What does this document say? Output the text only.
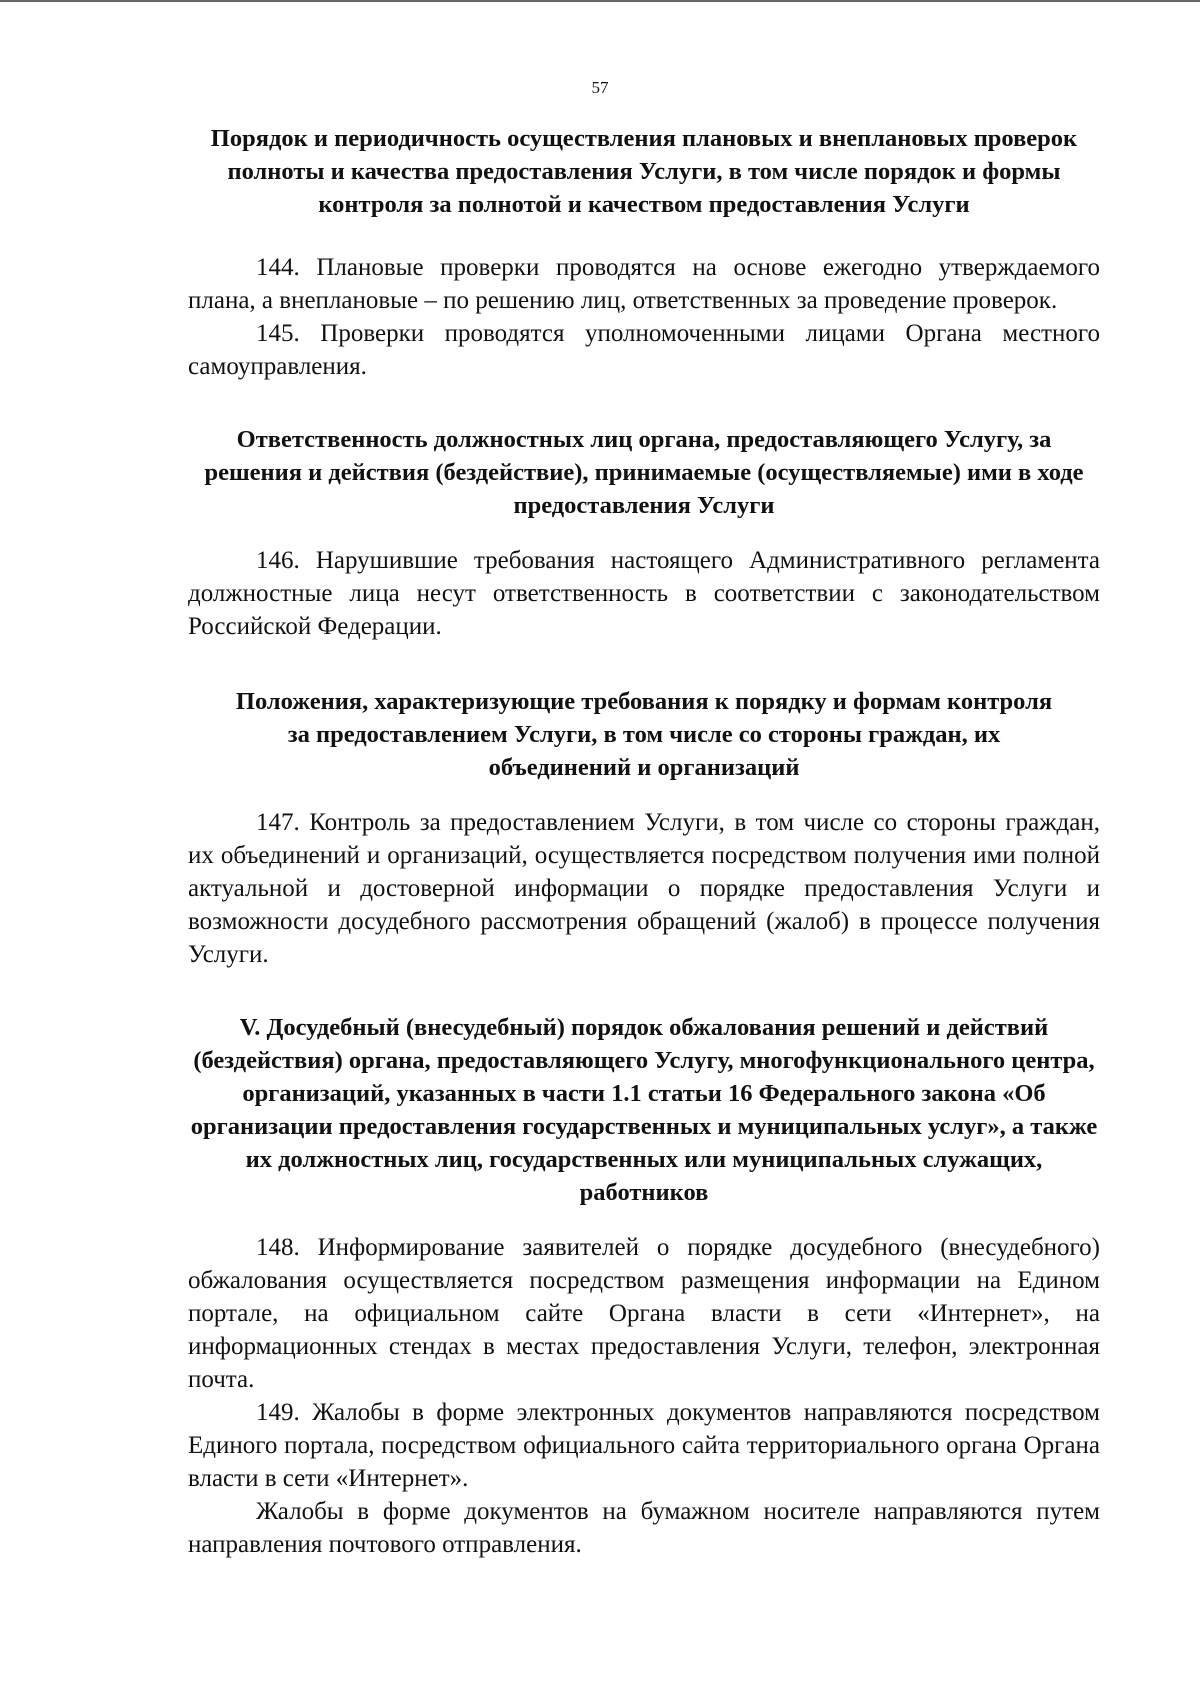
57
Порядок и периодичность осуществления плановых и внеплановых проверок полноты и качества предоставления Услуги, в том числе порядок и формы контроля за полнотой и качеством предоставления Услуги

144. Плановые проверки проводятся на основе ежегодно утверждаемого плана, а внеплановые – по решению лиц, ответственных за проведение проверок.

145. Проверки проводятся уполномоченными лицами Органа местного самоуправления.

Ответственность должностных лиц органа, предоставляющего Услугу, за решения и действия (бездействие), принимаемые (осуществляемые) ими в ходе предоставления Услуги

146. Нарушившие требования настоящего Административного регламента должностные лица несут ответственность в соответствии с законодательством Российской Федерации.

Положения, характеризующие требования к порядку и формам контроля за предоставлением Услуги, в том числе со стороны граждан, их объединений и организаций

147. Контроль за предоставлением Услуги, в том числе со стороны граждан, их объединений и организаций, осуществляется посредством получения ими полной актуальной и достоверной информации о порядке предоставления Услуги и возможности досудебного рассмотрения обращений (жалоб) в процессе получения Услуги.

V. Досудебный (внесудебный) порядок обжалования решений и действий (бездействия) органа, предоставляющего Услугу, многофункционального центра, организаций, указанных в части 1.1 статьи 16 Федерального закона «Об организации предоставления государственных и муниципальных услуг», а также их должностных лиц, государственных или муниципальных служащих, работников

148. Информирование заявителей о порядке досудебного (внесудебного) обжалования осуществляется посредством размещения информации на Едином портале, на официальном сайте Органа власти в сети «Интернет», на информационных стендах в местах предоставления Услуги, телефон, электронная почта.

149. Жалобы в форме электронных документов направляются посредством Единого портала, посредством официального сайта территориального органа Органа власти в сети «Интернет».

Жалобы в форме документов на бумажном носителе направляются путем направления почтового отправления.
